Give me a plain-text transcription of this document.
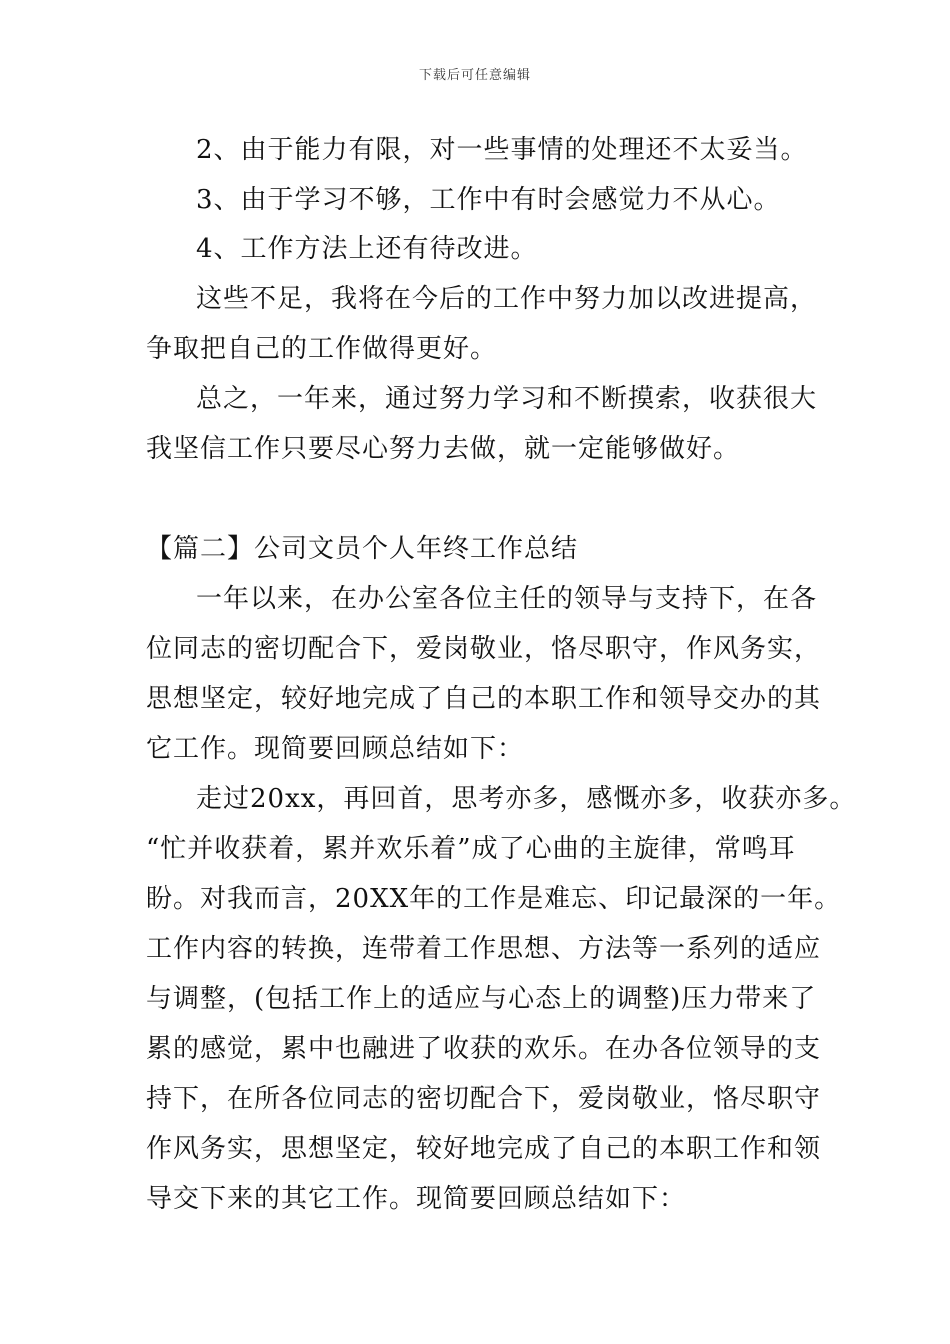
下载后可任意编辑
2、由于能力有限，对一些事情的处理还不太妥当。
3、由于学习不够，工作中有时会感觉力不从心。
4、工作方法上还有待改进。
这些不足，我将在今后的工作中努力加以改进提高，
争取把自己的工作做得更好。
总之，一年来，通过努力学习和不断摸索，收获很大
我坚信工作只要尽心努力去做，就一定能够做好。
【篇二】公司文员个人年终工作总结
一年以来，在办公室各位主任的领导与支持下，在各
位同志的密切配合下，爱岗敬业，恪尽职守，作风务实，
思想坚定，较好地完成了自己的本职工作和领导交办的其
它工作。现简要回顾总结如下：
走过20xx，再回首，思考亦多，感慨亦多，收获亦多。
“忙并收获着，累并欢乐着”成了心曲的主旋律，常鸣耳
盼。对我而言，20XX年的工作是难忘、印记最深的一年。
工作内容的转换，连带着工作思想、方法等一系列的适应
与调整，(包括工作上的适应与心态上的调整)压力带来了
累的感觉，累中也融进了收获的欢乐。在办各位领导的支
持下，在所各位同志的密切配合下，爱岗敬业，恪尽职守
作风务实，思想坚定，较好地完成了自己的本职工作和领
导交下来的其它工作。现简要回顾总结如下：
